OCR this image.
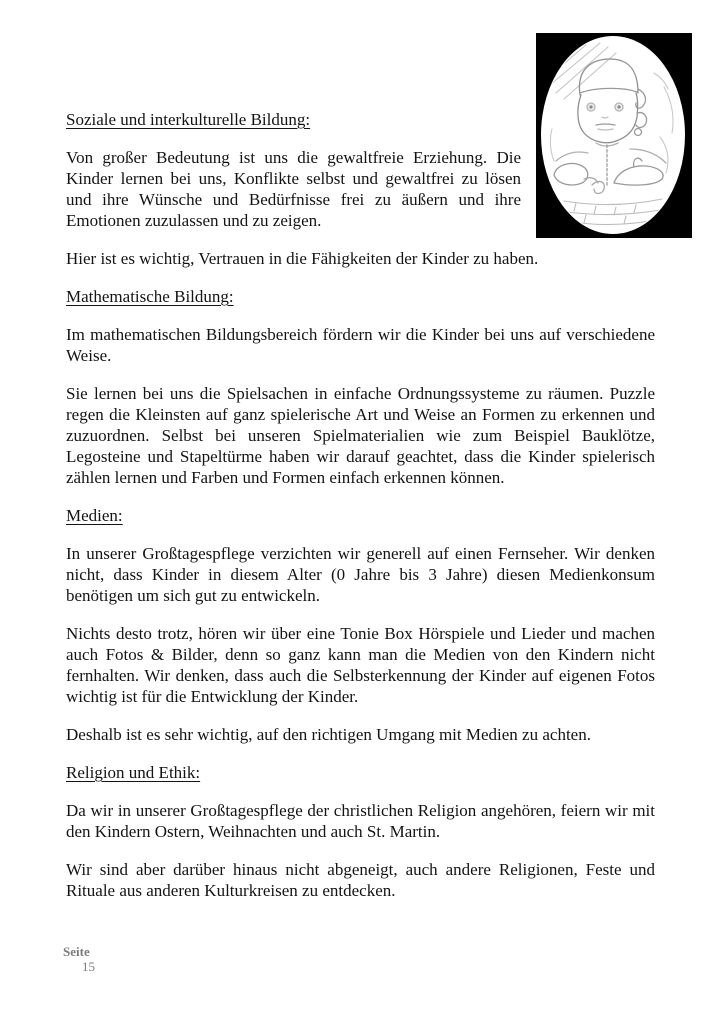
Soziale und interkulturelle Bildung:

Von großer Bedeutung ist uns die gewaltfreie Erziehung. Die Kinder lernen bei uns, Konflikte selbst und gewaltfrei zu lösen und ihre Wünsche und Bedürfnisse frei zu äußern und ihre Emotionen zuzulassen und zu zeigen.

Hier ist es wichtig, Vertrauen in die Fähigkeiten der Kinder zu haben.

Mathematische Bildung:

Im mathematischen Bildungsbereich fördern wir die Kinder bei uns auf verschiedene Weise.

Sie lernen bei uns die Spielsachen in einfache Ordnungssysteme zu räumen. Puzzle regen die Kleinsten auf ganz spielerische Art und Weise an Formen zu erkennen und zuzuordnen. Selbst bei unseren Spielmaterialien wie zum Beispiel Bauklötze, Legosteine und Stapeltürme haben wir darauf geachtet, dass die Kinder spielerisch zählen lernen und Farben und Formen einfach erkennen können.

Medien:

In unserer Großtagespflege verzichten wir generell auf einen Fernseher. Wir denken nicht, dass Kinder in diesem Alter (0 Jahre bis 3 Jahre) diesen Medienkonsum benötigen um sich gut zu entwickeln.

Nichts desto trotz, hören wir über eine Tonie Box Hörspiele und Lieder und machen auch Fotos & Bilder, denn so ganz kann man die Medien von den Kindern nicht fernhalten. Wir denken, dass auch die Selbsterkennung der Kinder auf eigenen Fotos wichtig ist für die Entwicklung der Kinder.

Deshalb ist es sehr wichtig, auf den richtigen Umgang mit Medien zu achten.

Religion und Ethik:

Da wir in unserer Großtagespflege der christlichen Religion angehören, feiern wir mit den Kindern Ostern, Weihnachten und auch St. Martin.

Wir sind aber darüber hinaus nicht abgeneigt, auch andere Religionen, Feste und Rituale aus anderen Kulturkreisen zu entdecken.

Seite
15
